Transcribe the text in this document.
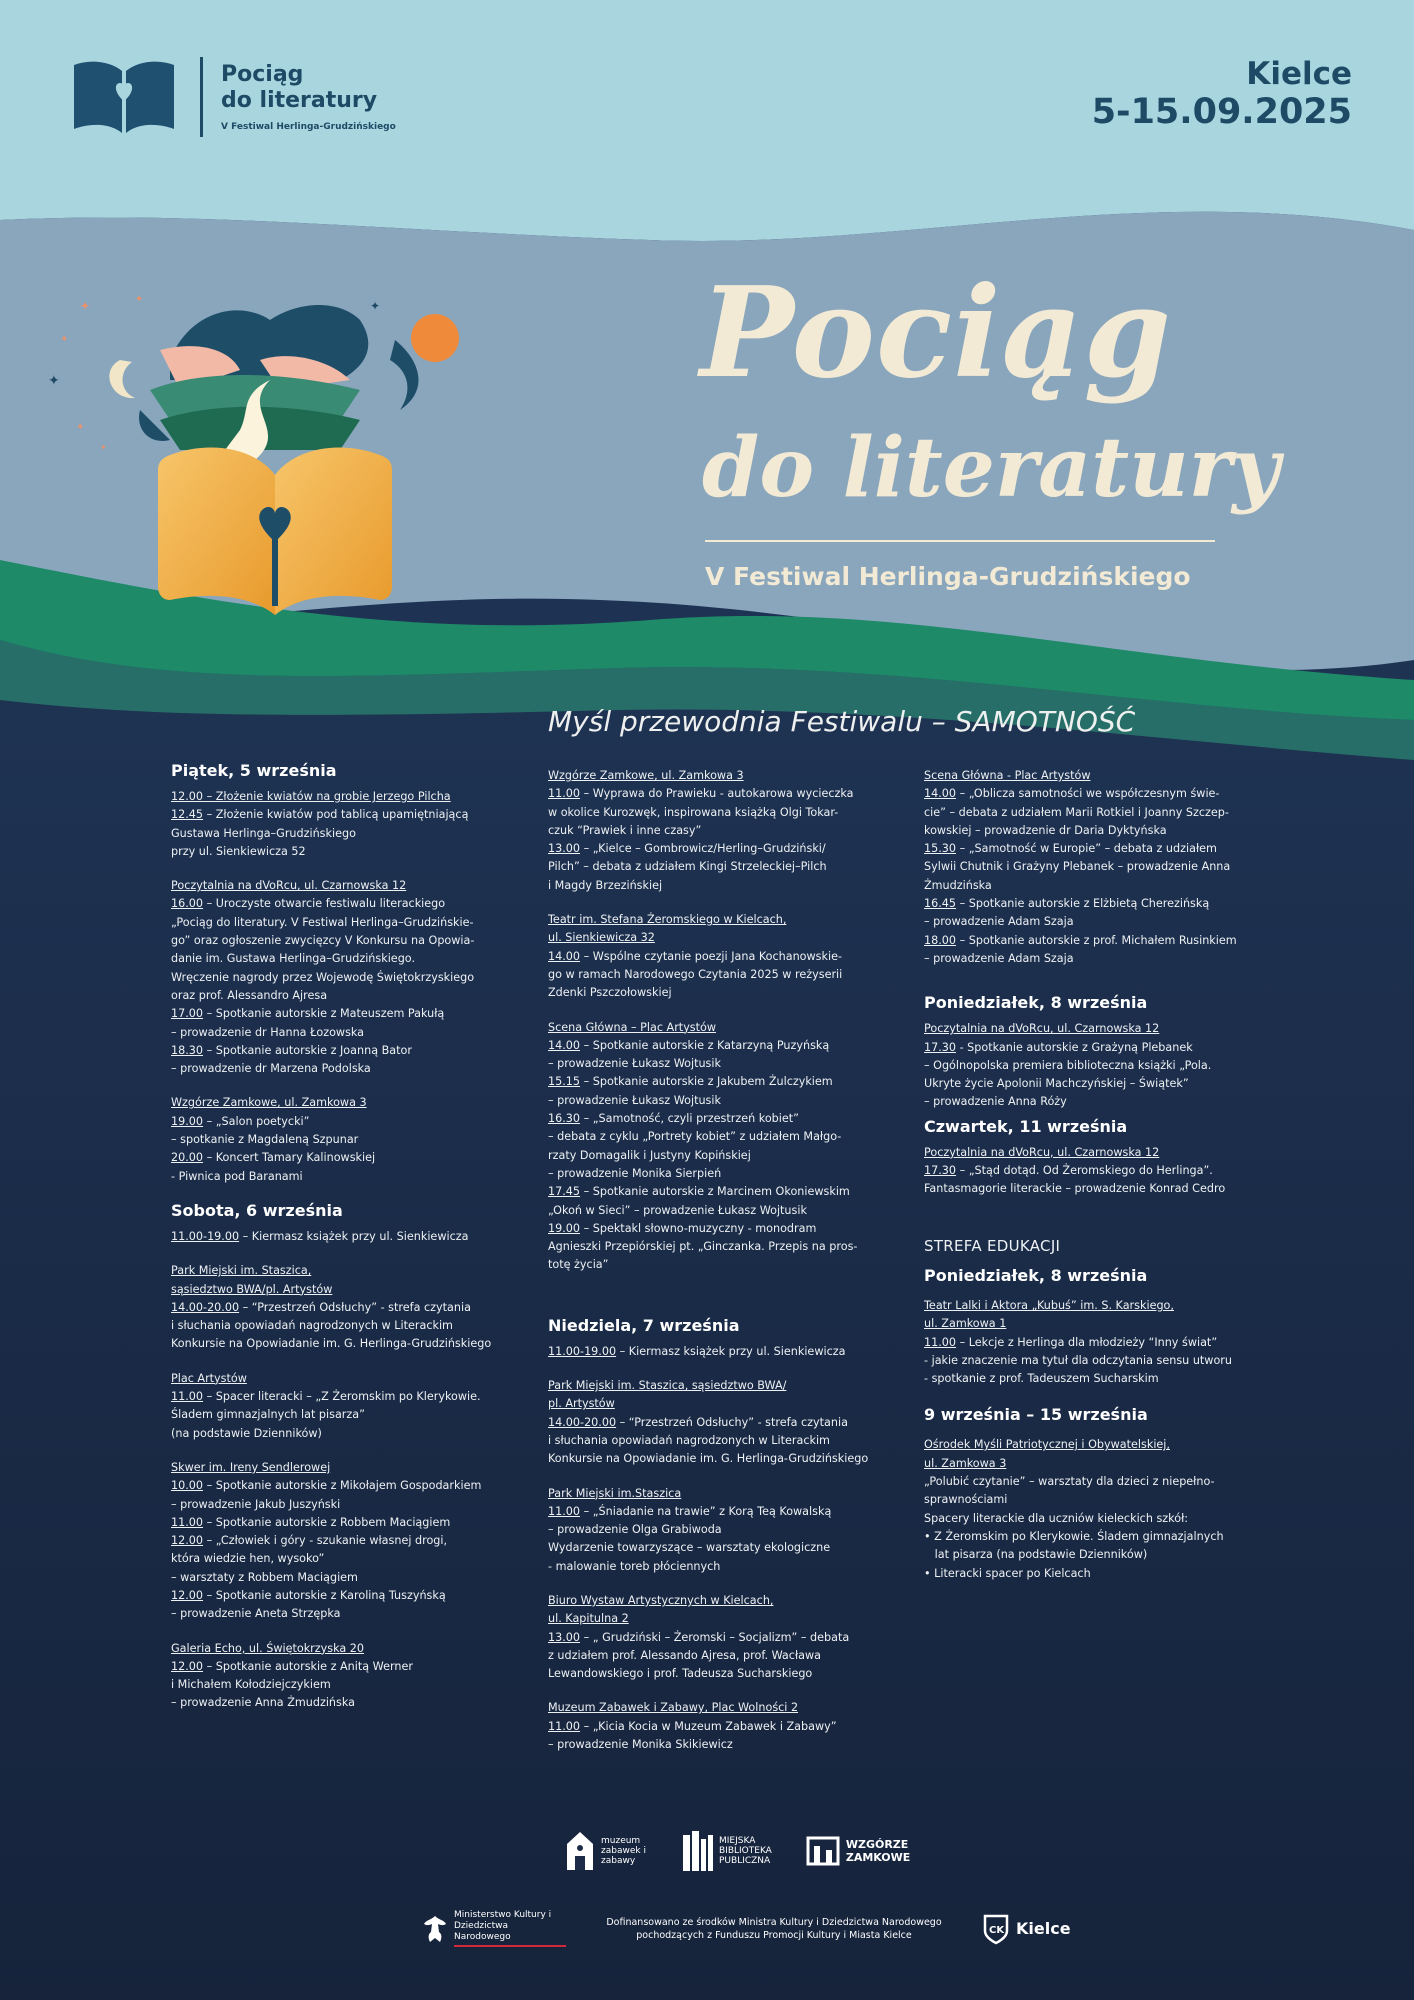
Pociąg
do literatury
V Festiwal Herlinga-Grudzińskiego
Kielce
5-15.09.2025
✦
✦
✦
✦
✦
✦
✦	Pociąg
do literatury
V Festiwal Herlinga-Grudzińskiego
Myśl przewodnia Festiwalu – SAMOTNOŚĆ
Piątek, 5 września

12.00 – Złożenie kwiatów na grobie Jerzego Pilcha

12.45 – Złożenie kwiatów pod tablicą upamiętniającą

Gustawa Herlinga–Grudzińskiego

przy ul. Sienkiewicza 52

Poczytalnia na dVoRcu, ul. Czarnowska 12

16.00 – Uroczyste otwarcie festiwalu literackiego

„Pociąg do literatury. V Festiwal Herlinga–Grudzińskie-

go” oraz ogłoszenie zwycięzcy V Konkursu na Opowia-

danie im. Gustawa Herlinga–Grudzińskiego.

Wręczenie nagrody przez Wojewodę Świętokrzyskiego

oraz prof. Alessandro Ajresa

17.00 – Spotkanie autorskie z Mateuszem Pakułą

– prowadzenie dr Hanna Łozowska

18.30 – Spotkanie autorskie z Joanną Bator

– prowadzenie dr Marzena Podolska

Wzgórze Zamkowe, ul. Zamkowa 3

19.00 – „Salon poetycki”

– spotkanie z Magdaleną Szpunar

20.00 – Koncert Tamary Kalinowskiej

- Piwnica pod Baranami

Sobota, 6 września

11.00-19.00 – Kiermasz książek przy ul. Sienkiewicza

Park Miejski im. Staszica,
sąsiedztwo BWA/pl. Artystów

14.00-20.00 – “Przestrzeń Odsłuchy” - strefa czytania

i słuchania opowiadań nagrodzonych w Literackim

Konkursie na Opowiadanie im. G. Herlinga-Grudzińskiego

Plac Artystów

11.00 – Spacer literacki – „Z Żeromskim po Klerykowie.

Śladem gimnazjalnych lat pisarza”

(na podstawie Dzienników)

Skwer im. Ireny Sendlerowej

10.00 – Spotkanie autorskie z Mikołajem Gospodarkiem

– prowadzenie Jakub Juszyński

11.00 – Spotkanie autorskie z Robbem Maciągiem

12.00 – „Człowiek i góry - szukanie własnej drogi,

która wiedzie hen, wysoko”

– warsztaty z Robbem Maciągiem

12.00 – Spotkanie autorskie z Karoliną Tuszyńską

– prowadzenie Aneta Strzępka

Galeria Echo, ul. Świętokrzyska 20

12.00 – Spotkanie autorskie z Anitą Werner

i Michałem Kołodziejczykiem

– prowadzenie Anna Żmudzińska

Wzgórze Zamkowe, ul. Zamkowa 3

11.00 – Wyprawa do Prawieku - autokarowa wycieczka

w okolice Kurozwęk, inspirowana książką Olgi Tokar-

czuk “Prawiek i inne czasy”

13.00 – „Kielce – Gombrowicz/Herling–Grudziński/

Pilch” – debata z udziałem Kingi Strzeleckiej–Pilch

i Magdy Brzezińskiej

Teatr im. Stefana Żeromskiego w Kielcach,
ul. Sienkiewicza 32

14.00 – Wspólne czytanie poezji Jana Kochanowskie-

go w ramach Narodowego Czytania 2025 w reżyserii

Zdenki Pszczołowskiej

Scena Główna – Plac Artystów

14.00 – Spotkanie autorskie z Katarzyną Puzyńską

– prowadzenie Łukasz Wojtusik

15.15 – Spotkanie autorskie z Jakubem Żulczykiem

– prowadzenie Łukasz Wojtusik

16.30 – „Samotność, czyli przestrzeń kobiet”

– debata z cyklu „Portrety kobiet” z udziałem Małgo-

rzaty Domagalik i Justyny Kopińskiej

– prowadzenie Monika Sierpień

17.45 – Spotkanie autorskie z Marcinem Okoniewskim

„Okoń w Sieci” – prowadzenie Łukasz Wojtusik

19.00 – Spektakl słowno-muzyczny - monodram

Agnieszki Przepiórskiej pt. „Ginczanka. Przepis na pros-

totę życia”

Niedziela, 7 września

11.00-19.00 – Kiermasz książek przy ul. Sienkiewicza

Park Miejski im. Staszica, sąsiedztwo BWA/
pl. Artystów

14.00-20.00 – “Przestrzeń Odsłuchy” - strefa czytania

i słuchania opowiadań nagrodzonych w Literackim

Konkursie na Opowiadanie im. G. Herlinga-Grudzińskiego

Park Miejski im.Staszica

11.00 – „Śniadanie na trawie” z Korą Teą Kowalską

– prowadzenie Olga Grabiwoda

Wydarzenie towarzyszące – warsztaty ekologiczne

- malowanie toreb płóciennych

Biuro Wystaw Artystycznych w Kielcach,
ul. Kapitulna 2

13.00 – „ Grudziński – Żeromski – Socjalizm” – debata

z udziałem prof. Alessando Ajresa, prof. Wacława

Lewandowskiego i prof. Tadeusza Sucharskiego

Muzeum Zabawek i Zabawy, Plac Wolności 2

11.00 – „Kicia Kocia w Muzeum Zabawek i Zabawy”

– prowadzenie Monika Skikiewicz

Scena Główna - Plac Artystów

14.00 – „Oblicza samotności we współczesnym świe-

cie” – debata z udziałem Marii Rotkiel i Joanny Szczep-

kowskiej – prowadzenie dr Daria Dyktyńska

15.30 – „Samotność w Europie” – debata z udziałem

Sylwii Chutnik i Grażyny Plebanek – prowadzenie Anna

Żmudzińska

16.45 – Spotkanie autorskie z Elżbietą Cherezińską

– prowadzenie Adam Szaja

18.00 – Spotkanie autorskie z prof. Michałem Rusinkiem

– prowadzenie Adam Szaja

Poniedziałek, 8 września
Poczytalnia na dVoRcu, ul. Czarnowska 12

17.30 - Spotkanie autorskie z Grażyną Plebanek

– Ogólnopolska premiera biblioteczna książki „Pola.

Ukryte życie Apolonii Machczyńskiej – Świątek”

– prowadzenie Anna Róży

Czwartek, 11 września
Poczytalnia na dVoRcu, ul. Czarnowska 12

17.30 – „Stąd dotąd. Od Żeromskiego do Herlinga”.

Fantasmagorie literackie – prowadzenie Konrad Cedro

STREFA EDUKACJI
Poniedziałek, 8 września
Teatr Lalki i Aktora „Kubuś” im. S. Karskiego,
ul. Zamkowa 1

11.00 – Lekcje z Herlinga dla młodzieży “Inny świat”

- jakie znaczenie ma tytuł dla odczytania sensu utworu

- spotkanie z prof. Tadeuszem Sucharskim

9 września – 15 września
Ośrodek Myśli Patriotycznej i Obywatelskiej,
ul. Zamkowa 3

„Polubić czytanie” – warsztaty dla dzieci z niepełno-

sprawnościami

Spacery literackie dla uczniów kieleckich szkół:

• Z Żeromskim po Klerykowie. Śladem gimnazjalnych

lat pisarza (na podstawie Dzienników)

• Literacki spacer po Kielcach

muzeum zabawek i zabawy
MIEJSKA
BIBLIOTEKA
PUBLICZNA
WZGÓRZE ZAMKOWE
Ministerstwo Kultury i Dziedzictwa Narodowego
Dofinansowano ze środków Ministra Kultury i Dziedzictwa Narodowego
pochodzących z Funduszu Promocji Kultury i Miasta Kielce	CK Kielce
